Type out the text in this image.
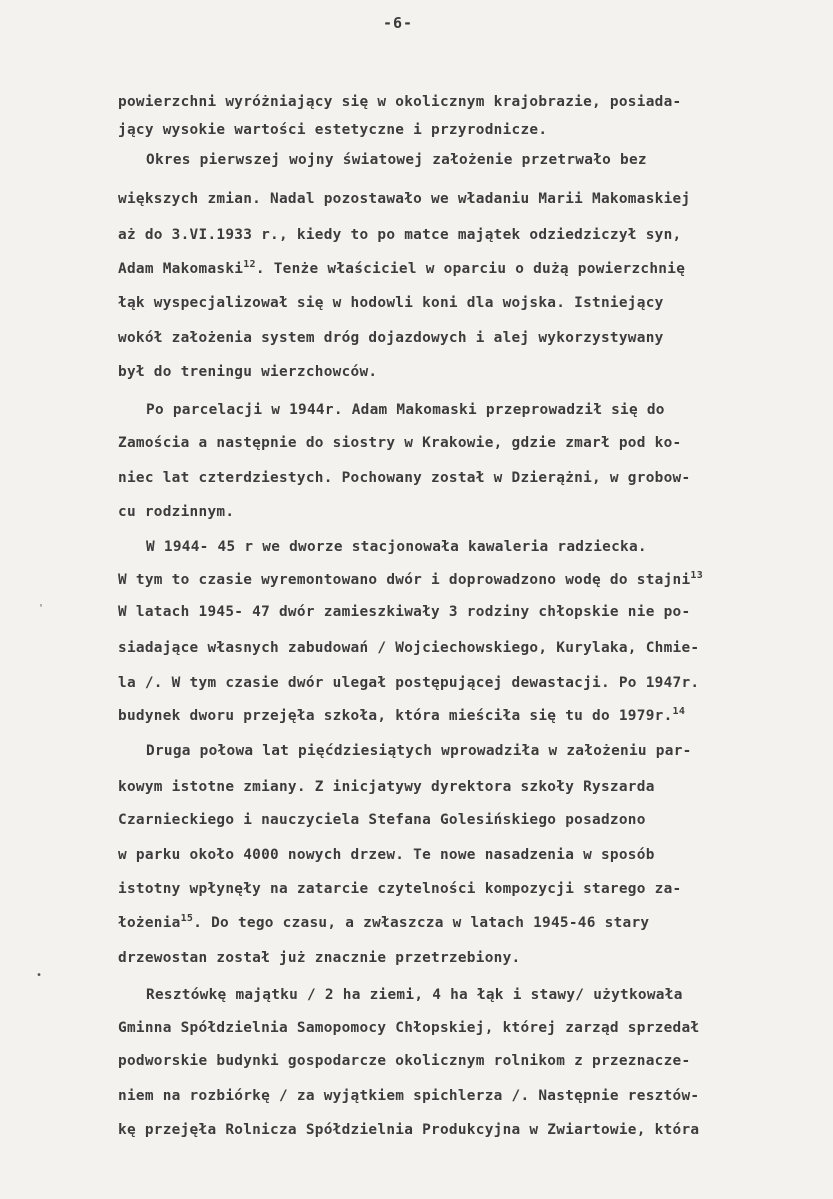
-6-
'
•
powierzchni wyróżniający się w okolicznym krajobrazie, posiada-
jący wysokie wartości estetyczne i przyrodnicze.
Okres pierwszej wojny światowej założenie przetrwało bez
większych zmian. Nadal pozostawało we władaniu Marii Makomaskiej
aż do 3.VI.1933 r., kiedy to po matce majątek odziedziczył syn,
Adam Makomaski$^{12}$. Tenże właściciel w oparciu o dużą powierzchnię
łąk wyspecjalizował się w hodowli koni dla wojska. Istniejący
wokół założenia system dróg dojazdowych i alej wykorzystywany
był do treningu wierzchowców.
Po parcelacji w 1944r. Adam Makomaski przeprowadził się do
Zamościa a następnie do siostry w Krakowie, gdzie zmarł pod ko-
niec lat czterdziestych. Pochowany został w Dzierążni, w grobow-
cu rodzinnym.
W 1944- 45 r we dworze stacjonowała kawaleria radziecka.
W tym to czasie wyremontowano dwór i doprowadzono wodę do stajni$^{13}$
W latach 1945- 47 dwór zamieszkiwały 3 rodziny chłopskie nie po-
siadające własnych zabudowań / Wojciechowskiego, Kurylaka, Chmie-
la /. W tym czasie dwór ulegał postępującej dewastacji. Po 1947r.
budynek dworu przejęła szkoła, która mieściła się tu do 1979r.$^{14}$
Druga połowa lat pięćdziesiątych wprowadziła w założeniu par-
kowym istotne zmiany. Z inicjatywy dyrektora szkoły Ryszarda
Czarnieckiego i nauczyciela Stefana Golesińskiego posadzono
w parku około 4000 nowych drzew. Te nowe nasadzenia w sposób
istotny wpłynęły na zatarcie czytelności kompozycji starego za-
łożenia$^{15}$. Do tego czasu, a zwłaszcza w latach 1945-46 stary
drzewostan został już znacznie przetrzebiony.
Resztówkę majątku / 2 ha ziemi, 4 ha łąk i stawy/ użytkowała
Gminna Spółdzielnia Samopomocy Chłopskiej, której zarząd sprzedał
podworskie budynki gospodarcze okolicznym rolnikom z przeznacze-
niem na rozbiórkę / za wyjątkiem spichlerza /. Następnie resztów-
kę przejęła Rolnicza Spółdzielnia Produkcyjna w Zwiartowie, która
